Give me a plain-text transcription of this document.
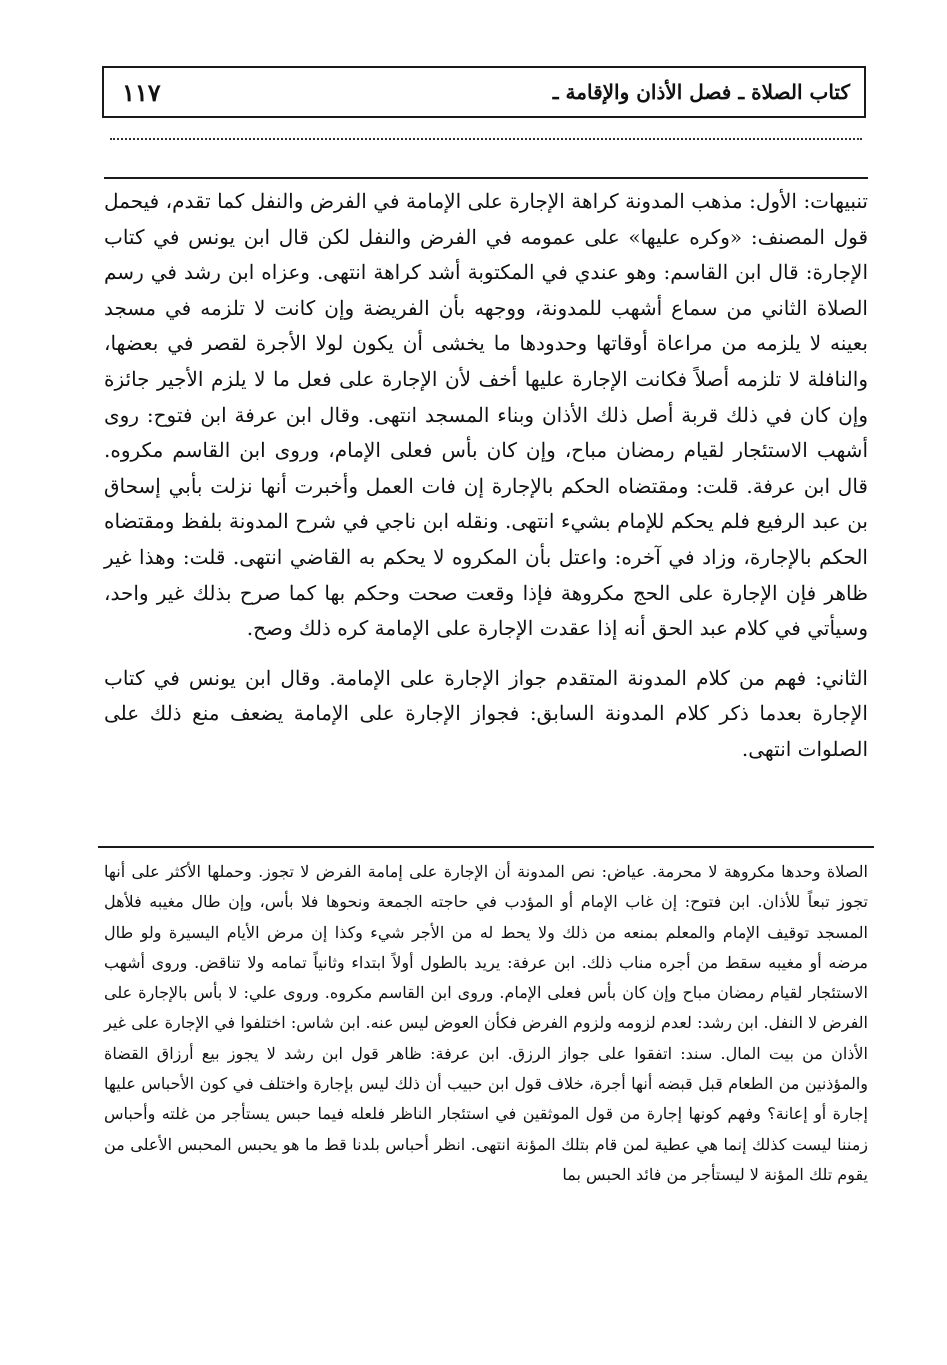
١١٧	كتاب الصلاة ـ فصل الأذان والإقامة ـ

تنبيهات: الأول: مذهب المدونة كراهة الإجارة على الإمامة في الفرض والنفل كما تقدم، فيحمل قول المصنف: «وكره عليها» على عمومه في الفرض والنفل لكن قال ابن يونس في كتاب الإجارة: قال ابن القاسم: وهو عندي في المكتوبة أشد كراهة انتهى. وعزاه ابن رشد في رسم الصلاة الثاني من سماع أشهب للمدونة، ووجهه بأن الفريضة وإن كانت لا تلزمه في مسجد بعينه لا يلزمه من مراعاة أوقاتها وحدودها ما يخشى أن يكون لولا الأجرة لقصر في بعضها، والنافلة لا تلزمه أصلاً فكانت الإجارة عليها أخف لأن الإجارة على فعل ما لا يلزم الأجير جائزة وإن كان في ذلك قربة أصل ذلك الأذان وبناء المسجد انتهى. وقال ابن عرفة ابن فتوح: روى أشهب الاستئجار لقيام رمضان مباح، وإن كان بأس فعلى الإمام، وروى ابن القاسم مكروه. قال ابن عرفة. قلت: ومقتضاه الحكم بالإجارة إن فات العمل وأخبرت أنها نزلت بأبي إسحاق بن عبد الرفيع فلم يحكم للإمام بشيء انتهى. ونقله ابن ناجي في شرح المدونة بلفظ ومقتضاه الحكم بالإجارة، وزاد في آخره: واعتل بأن المكروه لا يحكم به القاضي انتهى. قلت: وهذا غير ظاهر فإن الإجارة على الحج مكروهة فإذا وقعت صحت وحكم بها كما صرح بذلك غير واحد، وسيأتي في كلام عبد الحق أنه إذا عقدت الإجارة على الإمامة كره ذلك وصح.

الثاني: فهم من كلام المدونة المتقدم جواز الإجارة على الإمامة. وقال ابن يونس في كتاب الإجارة بعدما ذكر كلام المدونة السابق: فجواز الإجارة على الإمامة يضعف منع ذلك على الصلوات انتهى.

الصلاة وحدها مكروهة لا محرمة. عياض: نص المدونة أن الإجارة على إمامة الفرض لا تجوز. وحملها الأكثر على أنها تجوز تبعاً للأذان. ابن فتوح: إن غاب الإمام أو المؤدب في حاجته الجمعة ونحوها فلا بأس، وإن طال مغيبه فلأهل المسجد توقيف الإمام والمعلم بمنعه من ذلك ولا يحط له من الأجر شيء وكذا إن مرض الأيام اليسيرة ولو طال مرضه أو مغيبه سقط من أجره مناب ذلك. ابن عرفة: يريد بالطول أولاً ابتداء وثانياً تمامه ولا تناقض. وروى أشهب الاستئجار لقيام رمضان مباح وإن كان بأس فعلى الإمام. وروى ابن القاسم مكروه. وروى علي: لا بأس بالإجارة على الفرض لا النفل. ابن رشد: لعدم لزومه ولزوم الفرض فكأن العوض ليس عنه. ابن شاس: اختلفوا في الإجارة على غير الأذان من بيت المال. سند: اتفقوا على جواز الرزق. ابن عرفة: ظاهر قول ابن رشد لا يجوز بيع أرزاق القضاة والمؤذنين من الطعام قبل قبضه أنها أجرة، خلاف قول ابن حبيب أن ذلك ليس بإجارة واختلف في كون الأحباس عليها إجارة أو إعانة؟ وفهم كونها إجارة من قول الموثقين في استئجار الناظر فلعله فيما حبس يستأجر من غلته وأحباس زمننا ليست كذلك إنما هي عطية لمن قام بتلك المؤنة انتهى. انظر أحباس بلدنا قط ما هو يحبس المحبس الأعلى من يقوم تلك المؤنة لا ليستأجر من فائد الحبس بما
